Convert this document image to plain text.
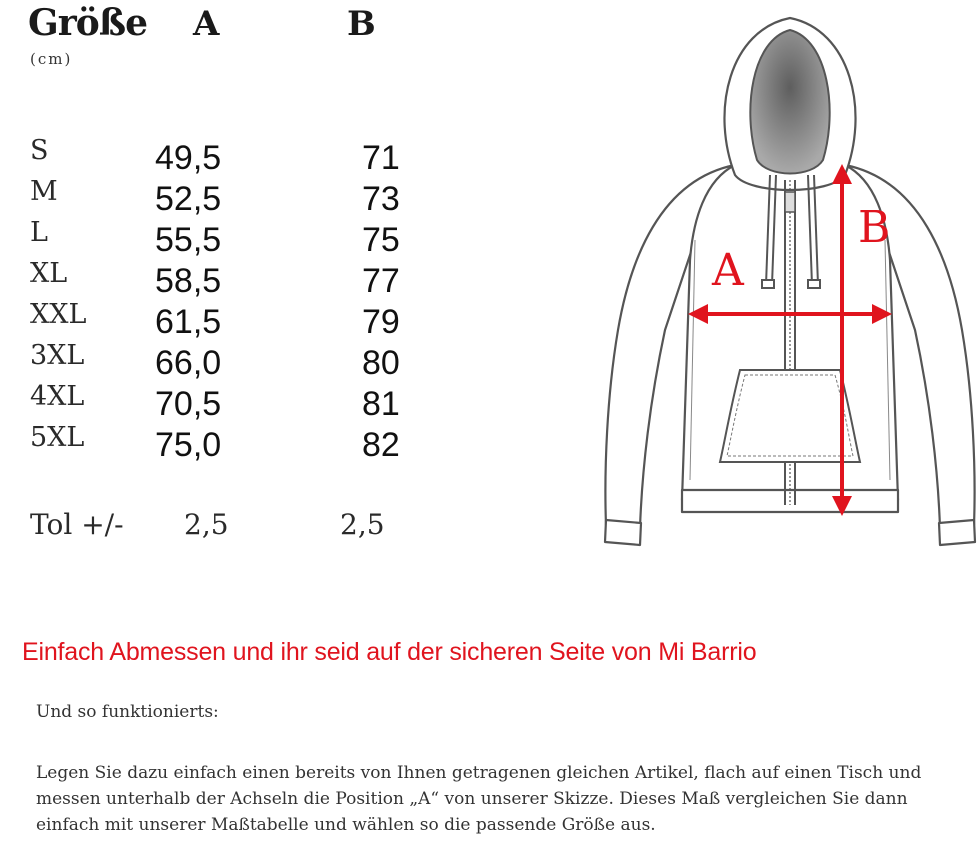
Größe
(cm)
A	B
S	49,5	71
M	52,5	73
L	55,5	75
XL	58,5	77
XXL 61,5	79
3XL 66,0	80
4XL 70,5	81
5XL 75,0	82
Tol +/- 2,5	2,5
A
B
Einfach Abmessen und ihr seid auf der sicheren Seite von Mi Barrio
Und so funktionierts:
Legen Sie dazu einfach einen bereits von Ihnen getragenen gleichen Artikel, flach auf einen Tisch und messen unterhalb der Achseln die Position „A“ von unserer Skizze. Dieses Maß vergleichen Sie dann einfach mit unserer Maßtabelle und wählen so die passende Größe aus.
